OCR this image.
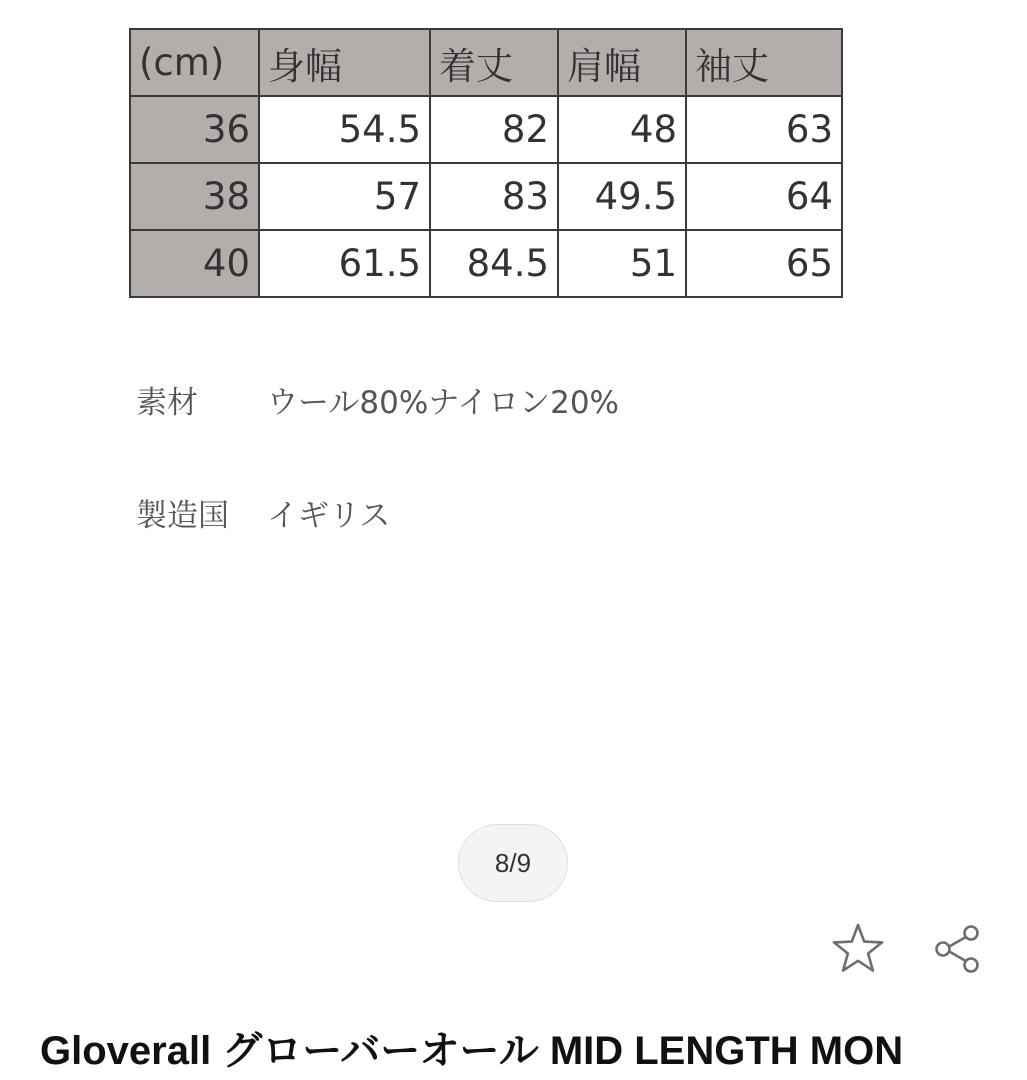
(cm)	身幅	着丈	肩幅	袖丈
36	54.5	82	48	63
38	57	83	49.5	64
40	61.5	84.5	51	65
素材 ウール80%ナイロン20%
製造国 イギリス
8/9
Gloverall グローバーオール MID LENGTH MON
